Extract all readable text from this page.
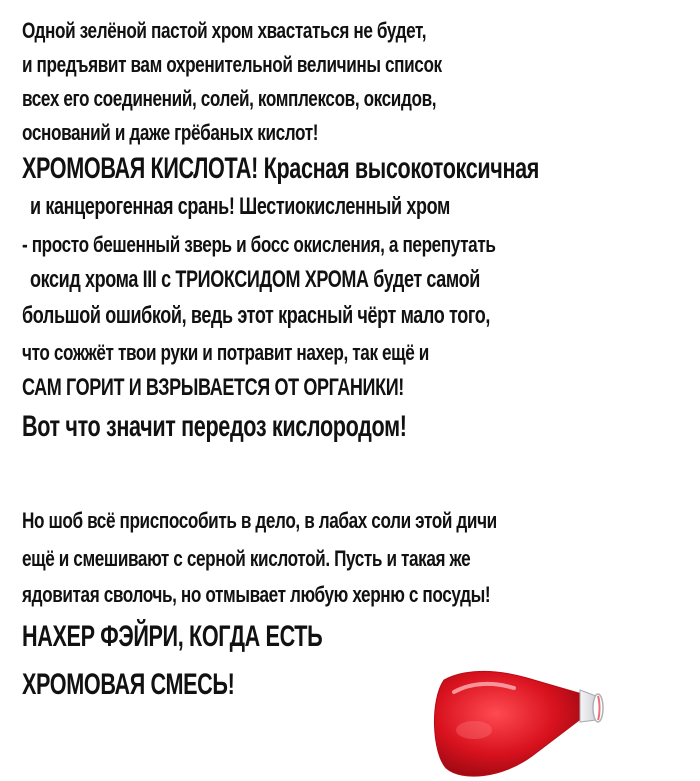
Одной зелёной пастой хром хвастаться не будет,
и предъявит вам охренительной величины список
всех его соединений, солей, комплексов, оксидов,
оснований и даже грёбаных кислот!
ХРОМОВАЯ КИСЛОТА! Красная высокотоксичная
и канцерогенная срань! Шестиокисленный хром
- просто бешенный зверь и босс окисления, а перепутать
оксид хрома III с ТРИОКСИДОМ ХРОМА будет самой
большой ошибкой, ведь этот красный чёрт мало того,
что сожжёт твои руки и потравит нахер, так ещё и
САМ ГОРИТ И ВЗРЫВАЕТСЯ ОТ ОРГАНИКИ!
Вот что значит передоз кислородом!
Но шоб всё приспособить в дело, в лабах соли этой дичи
ещё и смешивают с серной кислотой. Пусть и такая же
ядовитая сволочь, но отмывает любую херню с посуды!
НАХЕР ФЭЙРИ, КОГДА ЕСТЬ
ХРОМОВАЯ СМЕСЬ!
